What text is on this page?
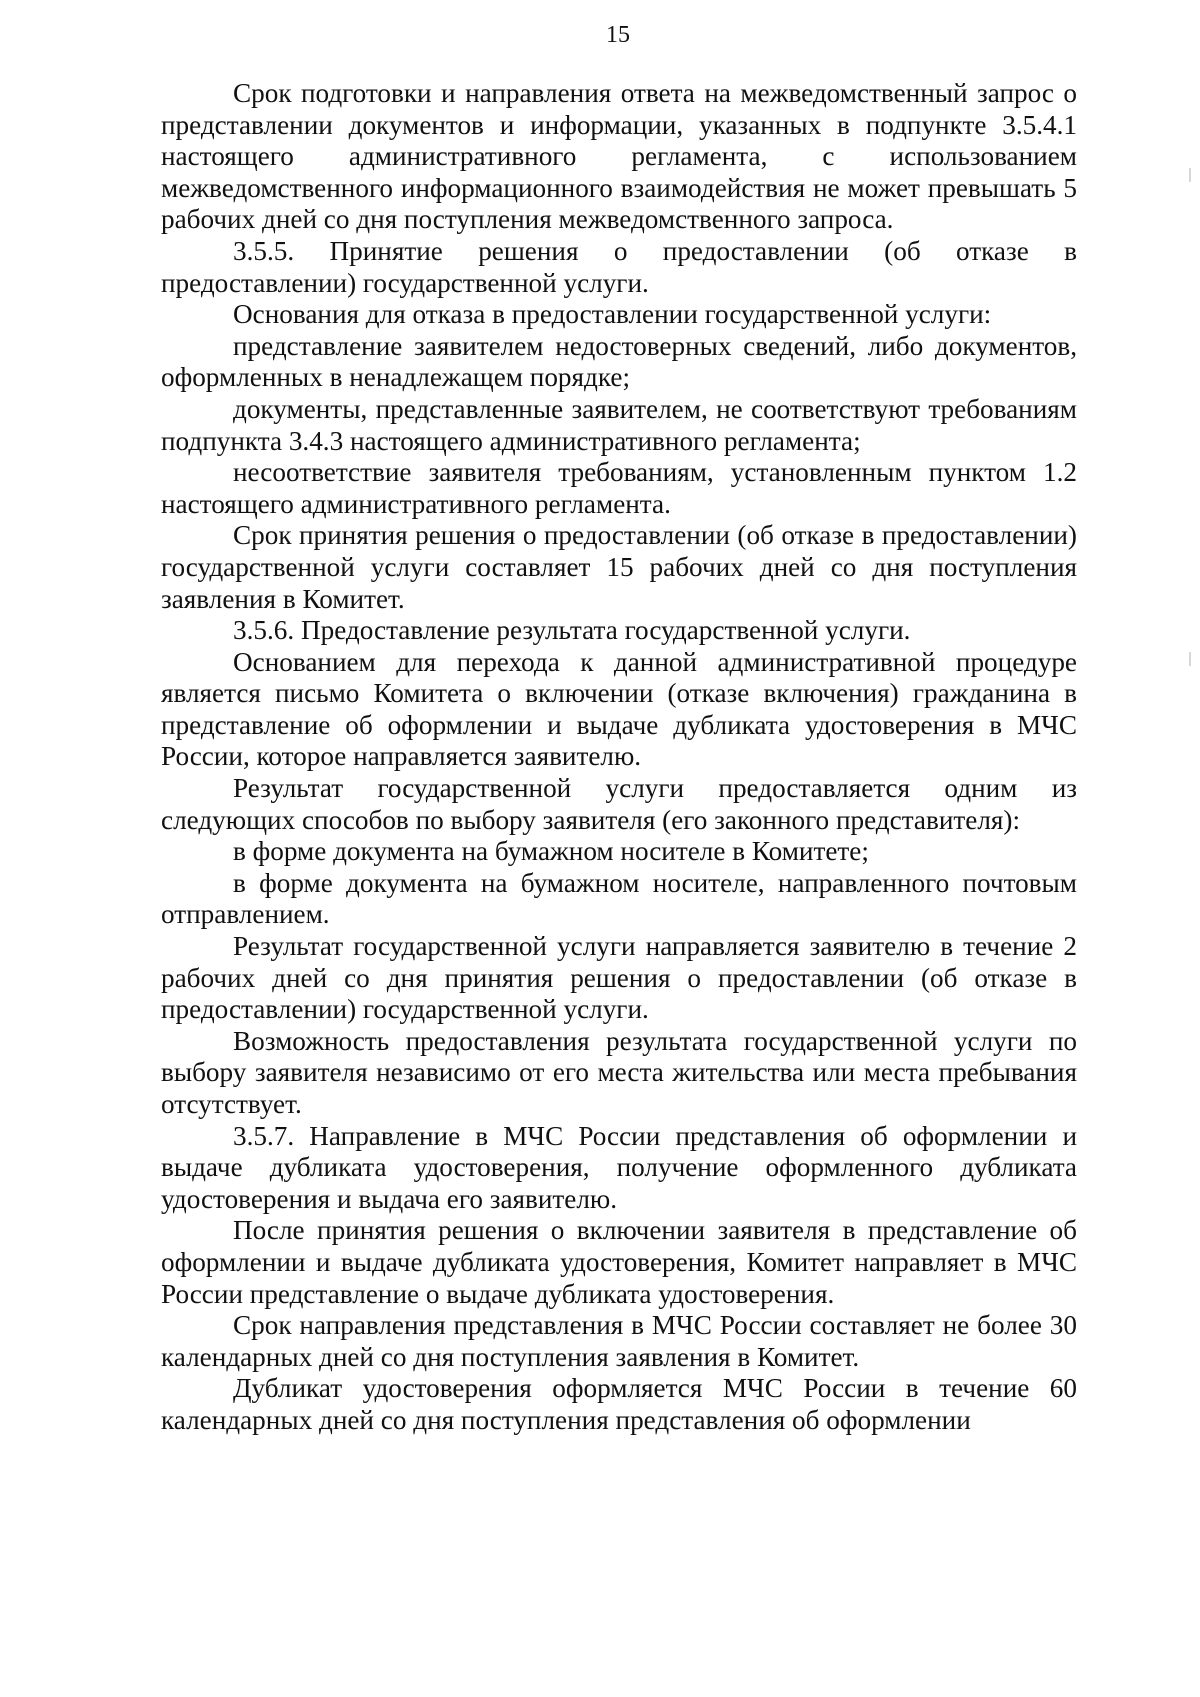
15

Срок подготовки и направления ответа на межведомственный запрос о представлении документов и информации, указанных в подпункте 3.5.4.1 настоящего административного регламента, с использованием межведомственного информационного взаимодействия не может превышать 5 рабочих дней со дня поступления межведомственного запроса.

3.5.5. Принятие решения о предоставлении (об отказе в предоставлении) государственной услуги.

Основания для отказа в предоставлении государственной услуги:

представление заявителем недостоверных сведений, либо документов, оформленных в ненадлежащем порядке;

документы, представленные заявителем, не соответствуют требованиям подпункта 3.4.3 настоящего административного регламента;

несоответствие заявителя требованиям, установленным пунктом 1.2 настоящего административного регламента.

Срок принятия решения о предоставлении (об отказе в предоставлении) государственной услуги составляет 15 рабочих дней со дня поступления заявления в Комитет.

3.5.6. Предоставление результата государственной услуги.

Основанием для перехода к данной административной процедуре является письмо Комитета о включении (отказе включения) гражданина в представление об оформлении и выдаче дубликата удостоверения в МЧС России, которое направляется заявителю.

Результат государственной услуги предоставляется одним из следующих способов по выбору заявителя (его законного представителя):

в форме документа на бумажном носителе в Комитете;

в форме документа на бумажном носителе, направленного почтовым отправлением.

Результат государственной услуги направляется заявителю в течение 2 рабочих дней со дня принятия решения о предоставлении (об отказе в предоставлении) государственной услуги.

Возможность предоставления результата государственной услуги по выбору заявителя независимо от его места жительства или места пребывания отсутствует.

3.5.7. Направление в МЧС России представления об оформлении и выдаче дубликата удостоверения, получение оформленного дубликата удостоверения и выдача его заявителю.

После принятия решения о включении заявителя в представление об оформлении и выдаче дубликата удостоверения, Комитет направляет в МЧС России представление о выдаче дубликата удостоверения.

Срок направления представления в МЧС России составляет не более 30 календарных дней со дня поступления заявления в Комитет.

Дубликат удостоверения оформляется МЧС России в течение 60 календарных дней со дня поступления представления об оформлении
